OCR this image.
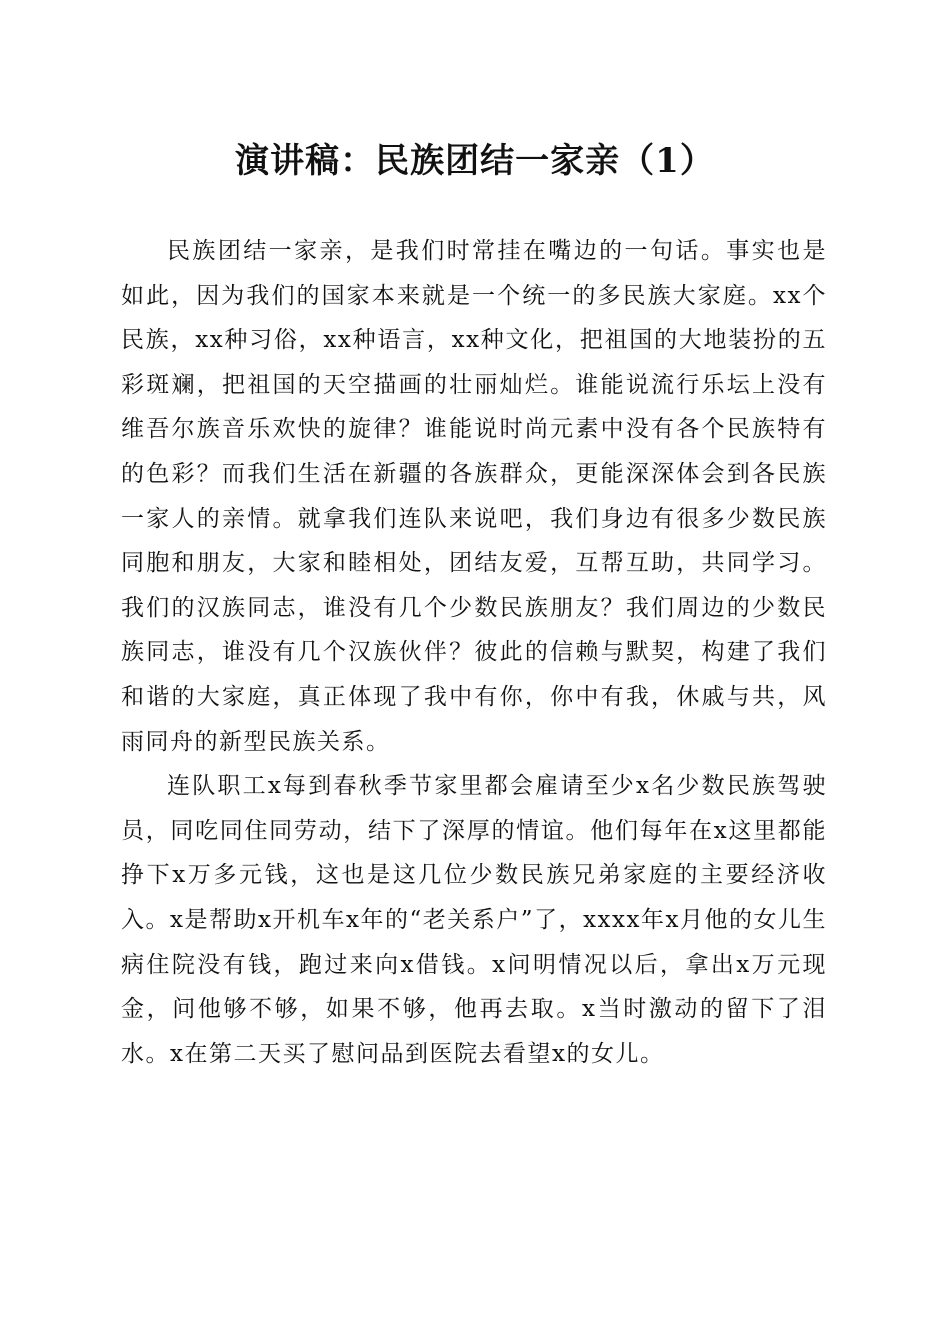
演讲稿：民族团结一家亲（1）

民族团结一家亲，是我们时常挂在嘴边的一句话。事实也是如此，因为我们的国家本来就是一个统一的多民族大家庭。xx个民族，xx种习俗，xx种语言，xx种文化，把祖国的大地装扮的五彩斑斓，把祖国的天空描画的壮丽灿烂。谁能说流行乐坛上没有维吾尔族音乐欢快的旋律？谁能说时尚元素中没有各个民族特有的色彩？而我们生活在新疆的各族群众，更能深深体会到各民族一家人的亲情。就拿我们连队来说吧，我们身边有很多少数民族同胞和朋友，大家和睦相处，团结友爱，互帮互助，共同学习。我们的汉族同志，谁没有几个少数民族朋友？我们周边的少数民族同志，谁没有几个汉族伙伴？彼此的信赖与默契，构建了我们和谐的大家庭，真正体现了我中有你，你中有我，休戚与共，风雨同舟的新型民族关系。

连队职工x每到春秋季节家里都会雇请至少x名少数民族驾驶员，同吃同住同劳动，结下了深厚的情谊。他们每年在x这里都能挣下x万多元钱，这也是这几位少数民族兄弟家庭的主要经济收入。x是帮助x开机车x年的“老关系户”了，xxxx年x月他的女儿生病住院没有钱，跑过来向x借钱。x问明情况以后，拿出x万元现金，问他够不够，如果不够，他再去取。x当时激动的留下了泪水。x在第二天买了慰问品到医院去看望x的女儿。
